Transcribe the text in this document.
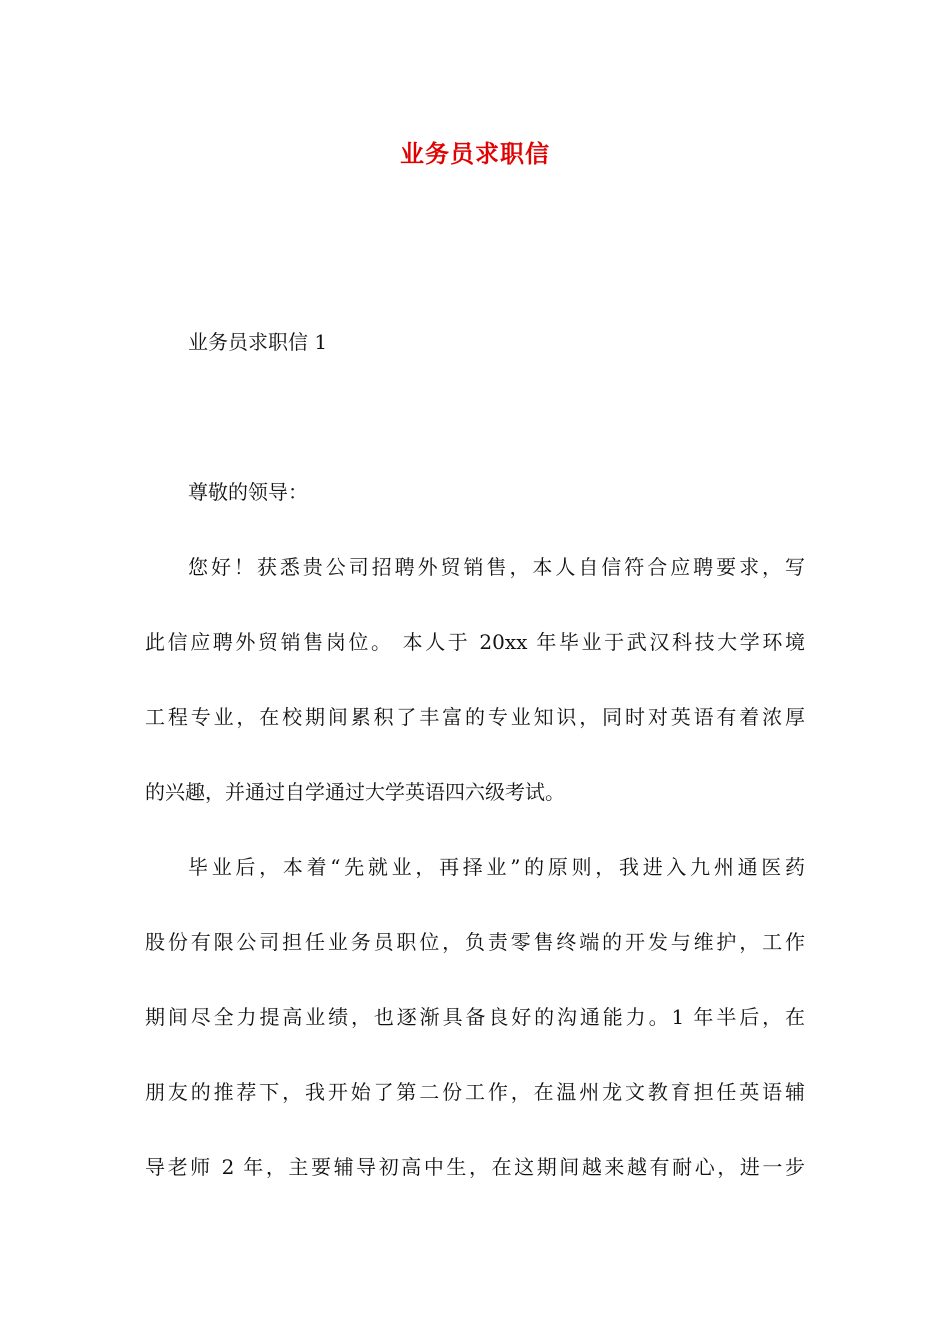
业务员求职信

业务员求职信 1

尊敬的领导：

您好！获悉贵公司招聘外贸销售，本人自信符合应聘要求，写

此信应聘外贸销售岗位。 本人于 20xx 年毕业于武汉科技大学环境

工程专业，在校期间累积了丰富的专业知识，同时对英语有着浓厚

的兴趣，并通过自学通过大学英语四六级考试。

毕业后，本着“先就业，再择业”的原则，我进入九州通医药

股份有限公司担任业务员职位，负责零售终端的开发与维护，工作

期间尽全力提高业绩，也逐渐具备良好的沟通能力。1 年半后，在

朋友的推荐下，我开始了第二份工作，在温州龙文教育担任英语辅

导老师 2 年，主要辅导初高中生，在这期间越来越有耐心，进一步
